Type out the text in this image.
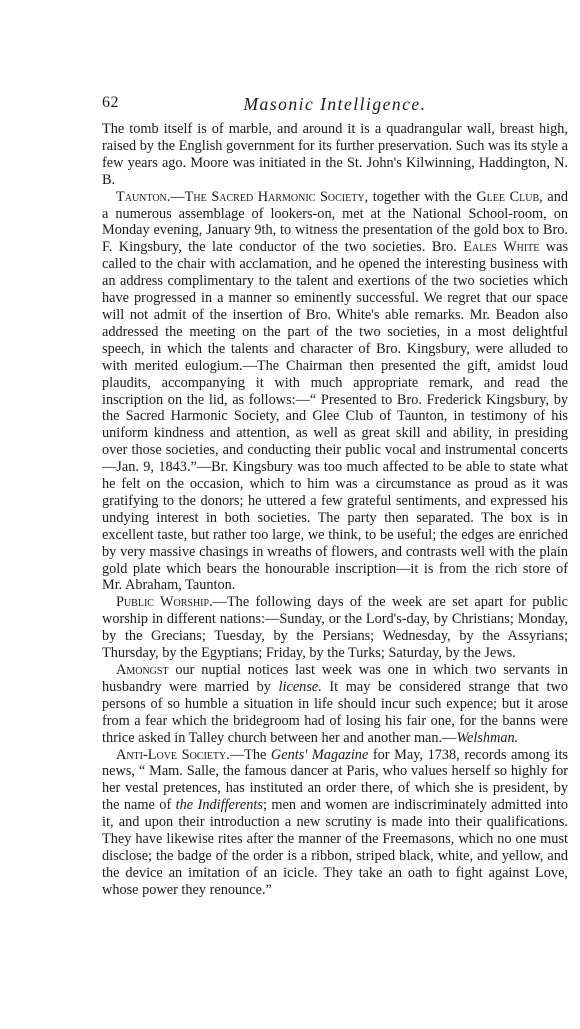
62	Masonic Intelligence.

The tomb itself is of marble, and around it is a quadrangular wall, breast high, raised by the English government for its further preservation. Such was its style a few years ago. Moore was initiated in the St. John's Kilwinning, Haddington, N. B.

Taunton.—The Sacred Harmonic Society, together with the Glee Club, and a numerous assemblage of lookers-on, met at the National School-room, on Monday evening, January 9th, to witness the presentation of the gold box to Bro. F. Kingsbury, the late conductor of the two societies. Bro. Eales White was called to the chair with acclamation, and he opened the interesting business with an address complimentary to the talent and exertions of the two societies which have progressed in a manner so eminently successful. We regret that our space will not admit of the insertion of Bro. White's able remarks. Mr. Beadon also addressed the meeting on the part of the two societies, in a most delightful speech, in which the talents and character of Bro. Kingsbury, were alluded to with merited eulogium.—The Chairman then presented the gift, amidst loud plaudits, accompanying it with much appropriate remark, and read the inscription on the lid, as follows:—“ Presented to Bro. Frederick Kingsbury, by the Sacred Harmonic Society, and Glee Club of Taunton, in testimony of his uniform kindness and attention, as well as great skill and ability, in presiding over those societies, and conducting their public vocal and instrumental concerts—Jan. 9, 1843.”—Br. Kingsbury was too much affected to be able to state what he felt on the occasion, which to him was a circumstance as proud as it was gratifying to the donors; he uttered a few grateful sentiments, and expressed his undying interest in both societies. The party then separated. The box is in excellent taste, but rather too large, we think, to be useful; the edges are enriched by very massive chasings in wreaths of flowers, and contrasts well with the plain gold plate which bears the honourable inscription—it is from the rich store of Mr. Abraham, Taunton.

Public Worship.—The following days of the week are set apart for public worship in different nations:—Sunday, or the Lord's-day, by Christians; Monday, by the Grecians; Tuesday, by the Persians; Wednesday, by the Assyrians; Thursday, by the Egyptians; Friday, by the Turks; Saturday, by the Jews.

Amongst our nuptial notices last week was one in which two servants in husbandry were married by license. It may be considered strange that two persons of so humble a situation in life should incur such expence; but it arose from a fear which the bridegroom had of losing his fair one, for the banns were thrice asked in Talley church between her and another man.—Welshman.

Anti-Love Society.—The Gents' Magazine for May, 1738, records among its news, “ Mam. Salle, the famous dancer at Paris, who values herself so highly for her vestal pretences, has instituted an order there, of which she is president, by the name of the Indifferents; men and women are indiscriminately admitted into it, and upon their introduction a new scrutiny is made into their qualifications. They have likewise rites after the manner of the Freemasons, which no one must disclose; the badge of the order is a ribbon, striped black, white, and yellow, and the device an imitation of an icicle. They take an oath to fight against Love, whose power they renounce.”
